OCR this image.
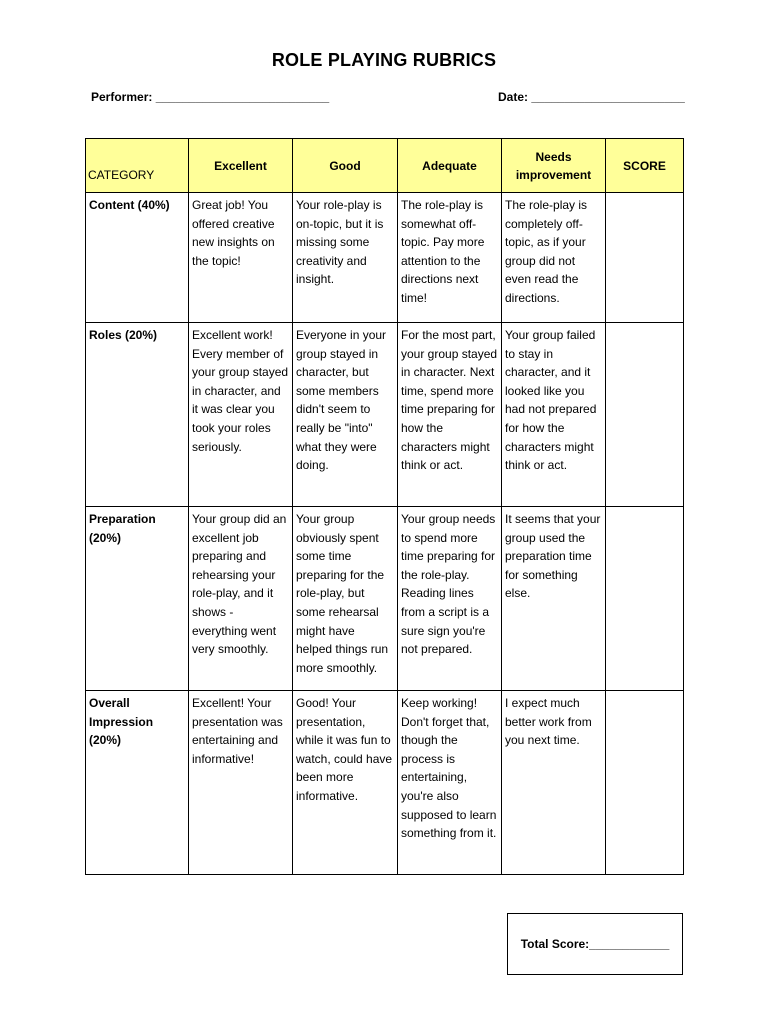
ROLE PLAYING RUBRICS
Performer: __________________________	Date: _______________________
CATEGORY	Excellent	Good	Adequate	Needs improvement	SCORE
Content (40%)	Great job! You offered creative new insights on the topic!	Your role-play is on-topic, but it is missing some creativity and insight.	The role-play is somewhat off-topic. Pay more attention to the directions next time!	The role-play is completely off-topic, as if your group did not even read the directions.	
Roles (20%)	Excellent work! Every member of your group stayed in character, and it was clear you took your roles seriously.	Everyone in your group stayed in character, but some members didn't seem to really be "into" what they were doing.	For the most part, your group stayed in character. Next time, spend more time preparing for how the characters might think or act.	Your group failed to stay in character, and it looked like you had not prepared for how the characters might think or act.	
Preparation (20%)	Your group did an excellent job preparing and rehearsing your role-play, and it shows - everything went very smoothly.	Your group obviously spent some time preparing for the role-play, but some rehearsal might have helped things run more smoothly.	Your group needs to spend more time preparing for the role-play. Reading lines from a script is a sure sign you're not prepared.	It seems that your group used the preparation time for something else.	
Overall Impression (20%)	Excellent! Your presentation was entertaining and informative!	Good! Your presentation, while it was fun to watch, could have been more informative.	Keep working! Don't forget that, though the process is entertaining, you're also supposed to learn something from it.	I expect much better work from you next time.	
Total Score:____________
